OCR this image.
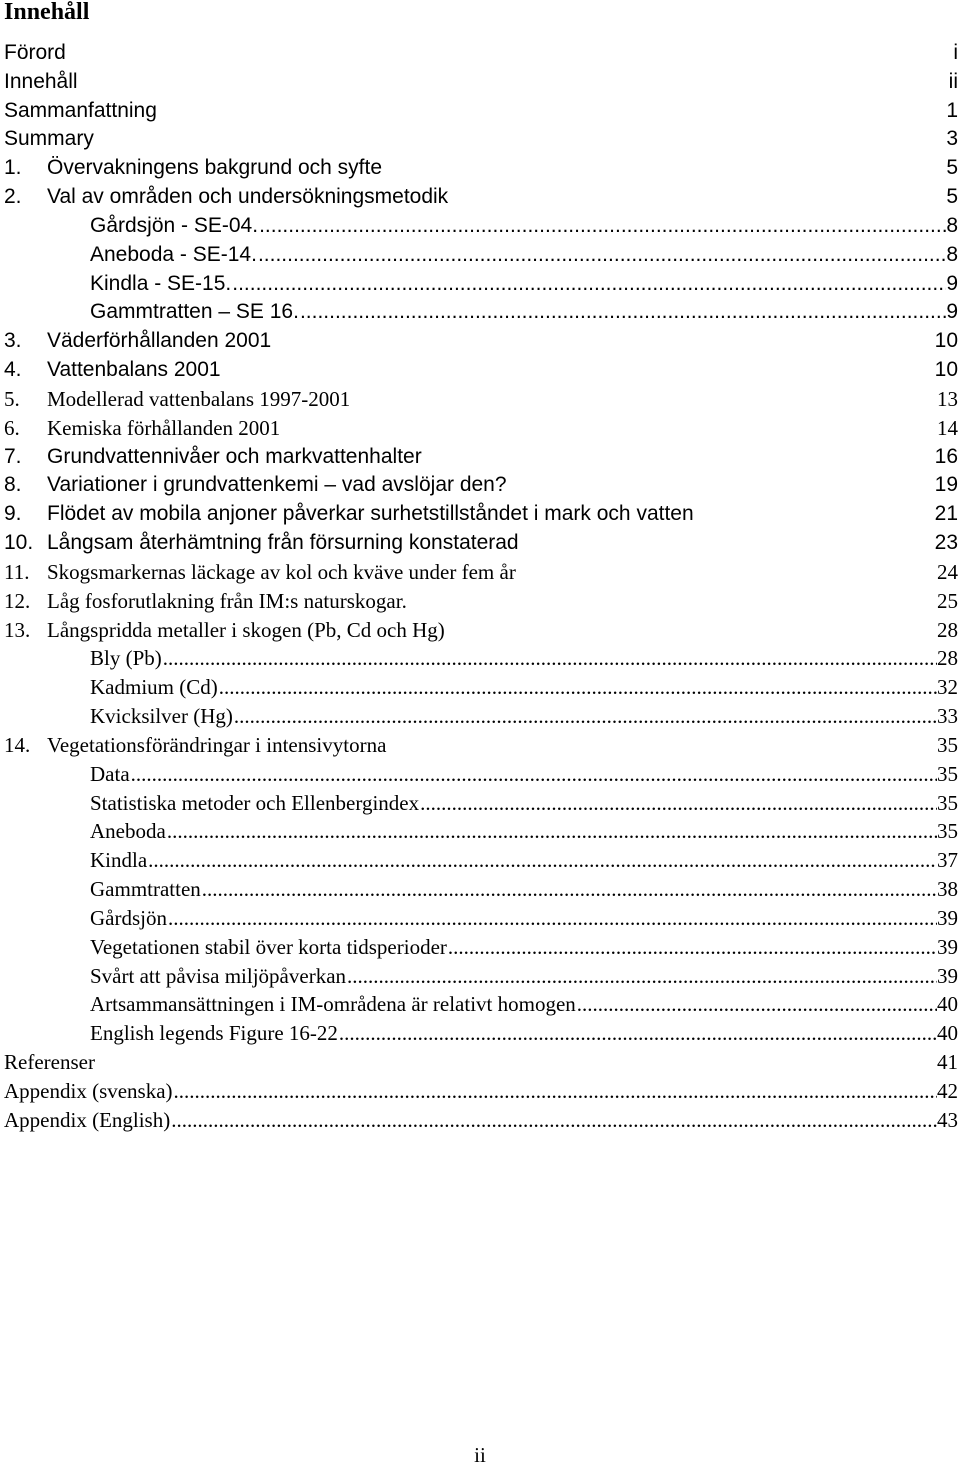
Innehåll
Förord	i
Innehåll	ii
Sammanfattning	1
Summary	3
1.	Övervakningens bakgrund och syfte	5
2.	Val av områden och undersökningsmetodik	5
Gårdsjön - SE-04. .....	8
Aneboda - SE-14. .....	8
Kindla - SE-15. .....	9
Gammtratten – SE 16. .....	9
3.	Väderförhållanden 2001	10
4.	Vattenbalans 2001	10
5.	Modellerad vattenbalans 1997-2001	13
6.	Kemiska förhållanden 2001	14
7.	Grundvattennivåer och markvattenhalter	16
8.	Variationer i grundvattenkemi – vad avslöjar den?	19
9.	Flödet av mobila anjoner påverkar surhetstillståndet i mark och vatten	21
10. Långsam återhämtning från försurning konstaterad	23
11. Skogsmarkernas läckage av kol och kväve under fem år	24
12. Låg fosforutlakning från IM:s naturskogar.	25
13. Långspridda metaller i skogen (Pb, Cd och Hg)	28
Bly (Pb) .....	28
Kadmium (Cd) .....	32
Kvicksilver (Hg) .....	33
14. Vegetationsförändringar i intensivytorna	35
Data .....	35
Statistiska metoder och Ellenbergindex .....	35
Aneboda .....	35
Kindla .....	37
Gammtratten .....	38
Gårdsjön .....	39
Vegetationen stabil över korta tidsperioder .....	39
Svårt att påvisa miljöpåverkan .....	39
Artsammansättningen i IM-områdena är relativt homogen .....	40
English legends Figure 16-22 .....	40
Referenser	41
Appendix (svenska) .....	42
Appendix (English) .....	43
ii
